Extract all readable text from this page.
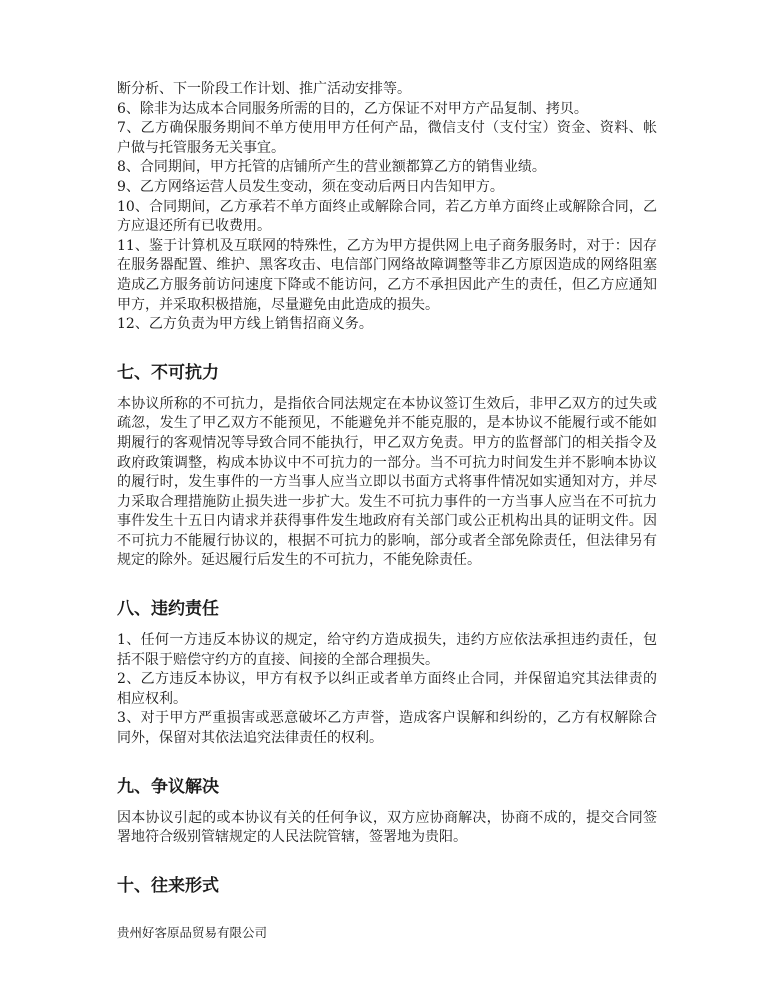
断分析、下一阶段工作计划、推广活动安排等。

6、除非为达成本合同服务所需的目的，乙方保证不对甲方产品复制、拷贝。

7、乙方确保服务期间不单方使用甲方任何产品，微信支付（支付宝）资金、资料、帐户做与托管服务无关事宜。

8、合同期间，甲方托管的店铺所产生的营业额都算乙方的销售业绩。

9、乙方网络运营人员发生变动，须在变动后两日内告知甲方。

10、合同期间，乙方承若不单方面终止或解除合同，若乙方单方面终止或解除合同，乙方应退还所有已收费用。

11、鉴于计算机及互联网的特殊性，乙方为甲方提供网上电子商务服务时，对于：因存在服务器配置、维护、黑客攻击、电信部门网络故障调整等非乙方原因造成的网络阻塞造成乙方服务前访问速度下降或不能访问，乙方不承担因此产生的责任，但乙方应通知甲方，并采取积极措施，尽量避免由此造成的损失。

12、乙方负责为甲方线上销售招商义务。

七、不可抗力

本协议所称的不可抗力，是指依合同法规定在本协议签订生效后，非甲乙双方的过失或疏忽，发生了甲乙双方不能预见，不能避免并不能克服的，是本协议不能履行或不能如期履行的客观情况等导致合同不能执行，甲乙双方免责。甲方的监督部门的相关指令及政府政策调整，构成本协议中不可抗力的一部分。当不可抗力时间发生并不影响本协议的履行时，发生事件的一方当事人应当立即以书面方式将事件情况如实通知对方，并尽力采取合理措施防止损失进一步扩大。发生不可抗力事件的一方当事人应当在不可抗力事件发生十五日内请求并获得事件发生地政府有关部门或公正机构出具的证明文件。因不可抗力不能履行协议的，根据不可抗力的影响，部分或者全部免除责任，但法律另有规定的除外。延迟履行后发生的不可抗力，不能免除责任。

八、违约责任

1、任何一方违反本协议的规定，给守约方造成损失，违约方应依法承担违约责任，包括不限于赔偿守约方的直接、间接的全部合理损失。

2、乙方违反本协议，甲方有权予以纠正或者单方面终止合同，并保留追究其法律责的相应权利。

3、对于甲方严重损害或恶意破坏乙方声誉，造成客户误解和纠纷的，乙方有权解除合同外，保留对其依法追究法律责任的权利。

九、争议解决

因本协议引起的或本协议有关的任何争议，双方应协商解决，协商不成的，提交合同签署地符合级别管辖规定的人民法院管辖，签署地为贵阳。

十、往来形式
贵州好客原品贸易有限公司
